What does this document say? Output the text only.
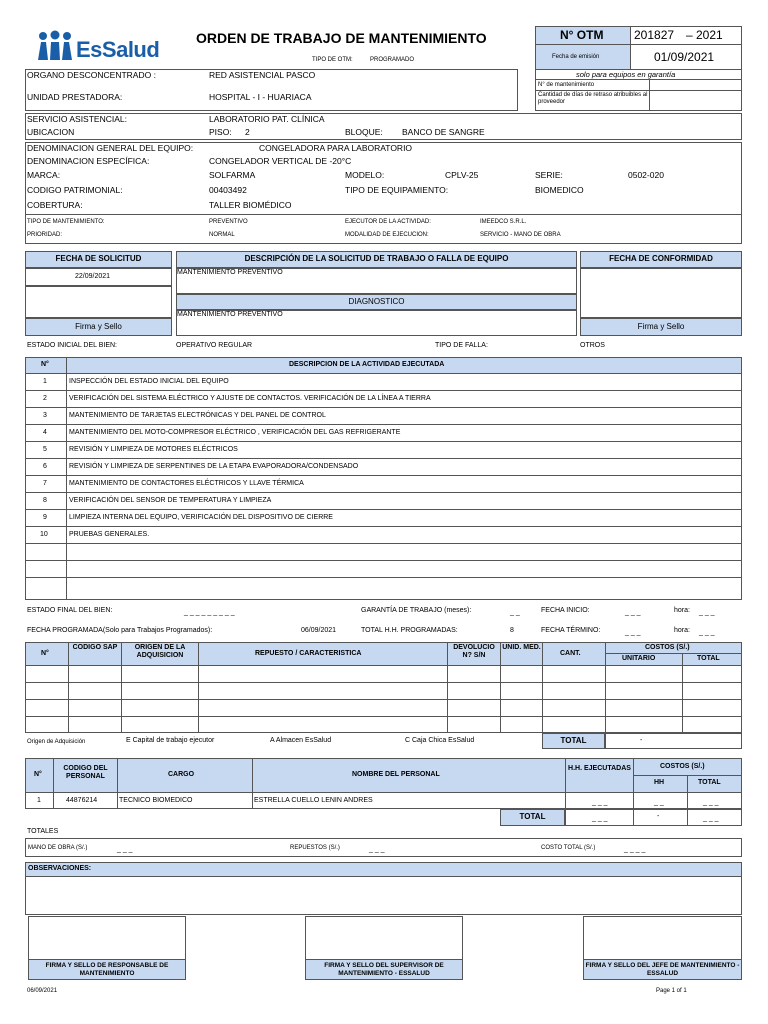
EsSalud	ORDEN DE TRABAJO DE MANTENIMIENTO
TIPO DE OTM:	PROGRAMADO
N° OTM	201827 – 2021
Fecha de emisión	01/09/2021
solo para equipos en garantía
N° de mantenimiento
Cantidad de días de retraso atribuibles al proveedor
ORGANO DESCONCENTRADO :	RED ASISTENCIAL PASCO
UNIDAD PRESTADORA:	HOSPITAL - I - HUARIACA
SERVICIO ASISTENCIAL:	LABORATORIO PAT. CLÍNICA
UBICACION	PISO: 2	BLOQUE: BANCO DE SANGRE
DENOMINACION GENERAL DEL EQUIPO:	CONGELADORA PARA LABORATORIO
DENOMINACION ESPECÍFICA:	CONGELADOR VERTICAL DE -20°C
MARCA:	SOLFARMA	MODELO:	CPLV-25	SERIE:	0502-020
CODIGO PATRIMONIAL:	00403492	TIPO DE EQUIPAMIENTO:	BIOMEDICO
COBERTURA:	TALLER BIOMÉDICO
TIPO DE MANTENIMIENTO:	PREVENTIVO	EJECUTOR DE LA ACTIVIDAD:	IMEEDCO S.R.L.
PRIORIDAD:	NORMAL	MODALIDAD DE EJECUCION:	SERVICIO - MANO DE OBRA
FECHA DE SOLICITUD
22/09/2021
Firma y Sello
DESCRIPCIÓN DE LA SOLICITUD DE TRABAJO O FALLA DE EQUIPO
MANTENIMIENTO PREVENTIVO
DIAGNOSTICO
MANTENIMIENTO PREVENTIVO
FECHA DE CONFORMIDAD
Firma y Sello
ESTADO INICIAL DEL BIEN:	OPERATIVO REGULAR	TIPO DE FALLA:	OTROS
N°	DESCRIPCION DE LA ACTIVIDAD EJECUTADA
1	INSPECCIÓN DEL ESTADO INICIAL DEL EQUIPO
2	VERIFICACIÓN DEL SISTEMA ELÉCTRICO Y AJUSTE DE CONTACTOS. VERIFICACIÓN DE LA LÍNEA A TIERRA
3	MANTENIMIENTO DE TARJETAS ELECTRÓNICAS Y DEL PANEL DE CONTROL
4	MANTENIMIENTO DEL MOTO-COMPRESOR ELÉCTRICO , VERIFICACIÓN DEL GAS REFRIGERANTE
5	REVISIÓN Y LIMPIEZA DE MOTORES ELÉCTRICOS
6	REVISIÓN Y LIMPIEZA DE SERPENTINES DE LA ETAPA EVAPORADORA/CONDENSADO
7	MANTENIMIENTO DE CONTACTORES ELÉCTRICOS Y LLAVE TÉRMICA
8	VERIFICACIÓN DEL SENSOR DE TEMPERATURA Y LIMPIEZA
9	LIMPIEZA INTERNA DEL EQUIPO, VERIFICACIÓN DEL DISPOSITIVO DE CIERRE
10	PRUEBAS GENERALES.
ESTADO FINAL DEL BIEN:	_ _ _ _ _ _ _ _ _	GARANTÍA DE TRABAJO (meses):	_ _	FECHA INICIO:	_ _ _	hora: _ _ _
FECHA PROGRAMADA(Solo para Trabajos Programados):	06/09/2021	TOTAL H.H. PROGRAMADAS:	8	FECHA TÉRMINO:	_ _ _	hora: _ _ _
N°
CODIGO SAP	ORIGEN DE LA ADQUISICION	REPUESTO / CARACTERISTICA
DEVOLUCION? S/N
UNID. MED.
CANT.
COSTOS (S/.)
UNITARIO	TOTAL
Origen de Adquisición	E Capital de trabajo ejecutor	A Almacen EsSalud	C Caja Chica EsSalud	TOTAL	-
N°
CODIGO DEL PERSONAL	CARGO	NOMBRE DEL PERSONAL
H.H. EJECUTADAS	COSTOS (S/.)
HH	TOTAL
1	44876214	TECNICO BIOMEDICO	ESTRELLA CUELLO LENIN ANDRES	_ _ _	_ _	_ _ _
TOTAL	_ _ _	-	_ _ _
TOTALES
MANO DE OBRA (S/.)	_ _ _	REPUESTOS (S/.)	_ _ _	COSTO TOTAL (S/.)	_ _ _ _
OBSERVACIONES:
FIRMA Y SELLO DE RESPONSABLE DE MANTENIMIENTO
FIRMA Y SELLO DEL SUPERVISOR DE MANTENIMIENTO - ESSALUD
FIRMA Y SELLO DEL JEFE DE MANTENIMIENTO - ESSALUD
06/09/2021	Page 1 of 1
